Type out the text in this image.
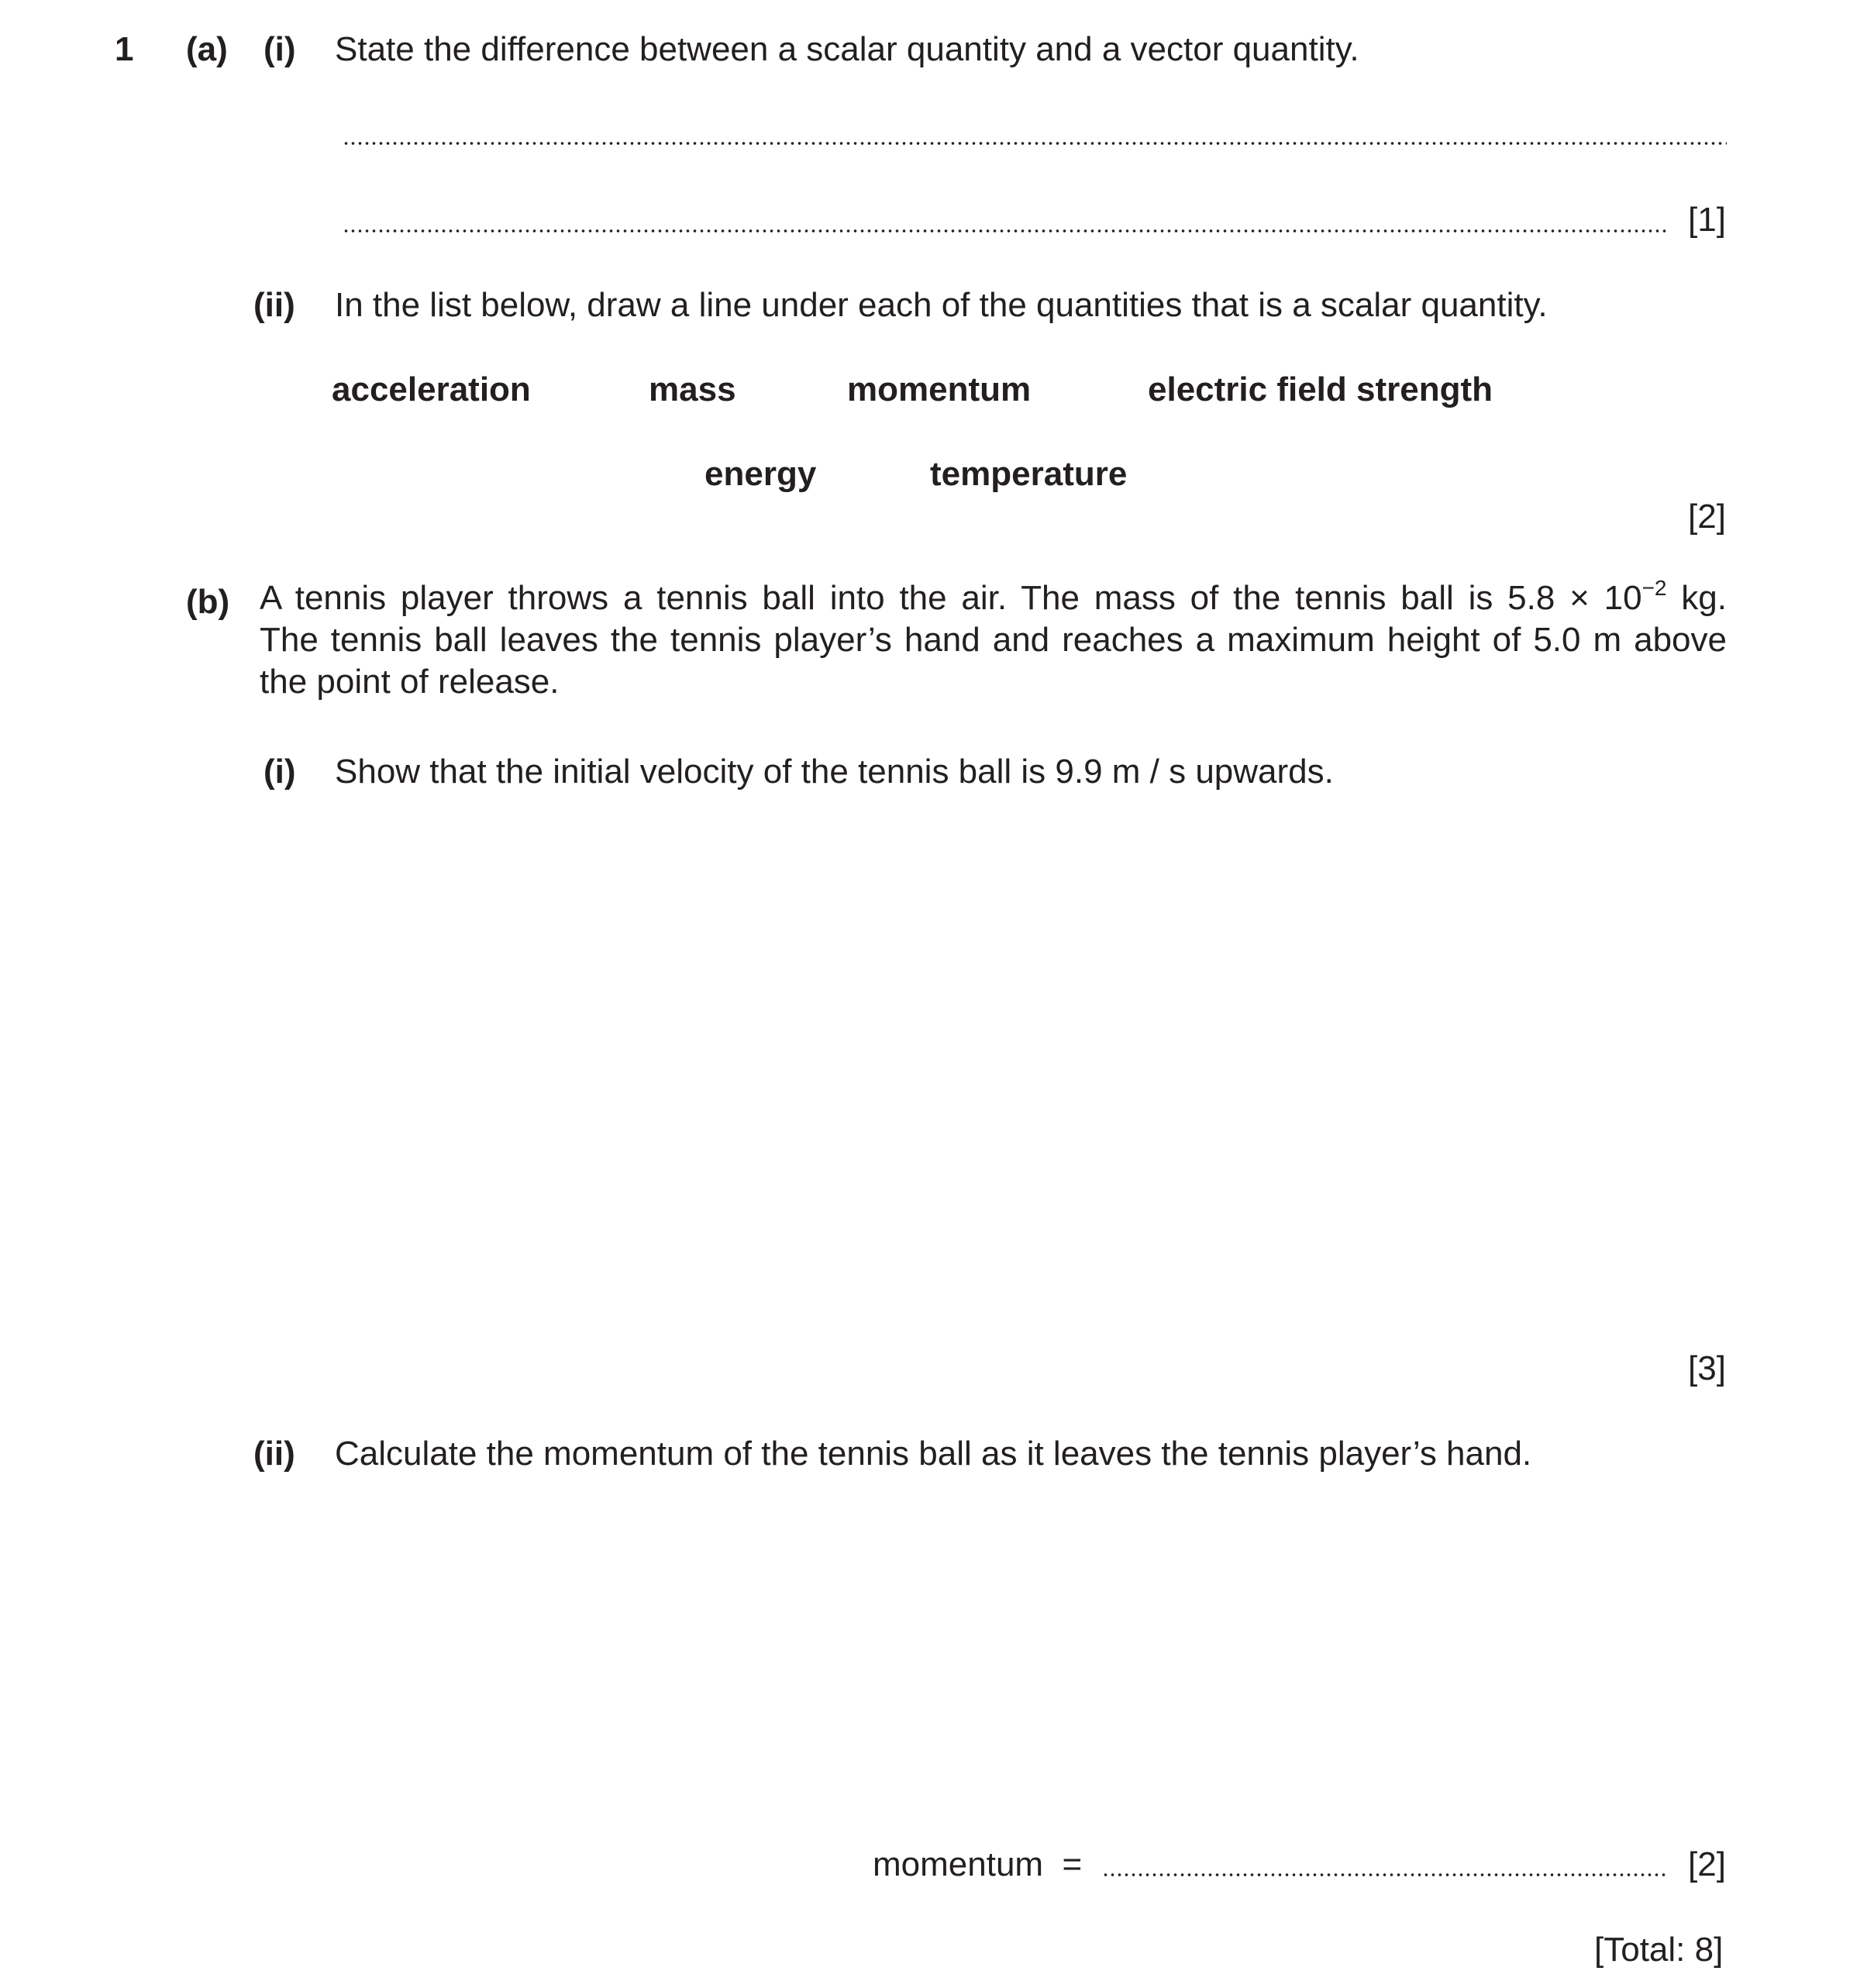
1 (a) (i) State the difference between a scalar quantity and a vector quantity.
[1]
(ii) In the list below, draw a line under each of the quantities that is a scalar quantity.
acceleration	mass	momentum	electric field strength
energy	temperature
[2]
(b) A tennis player throws a tennis ball into the air. The mass of the tennis ball is $5.8 \times 10^{-2}$ kg.
The tennis ball leaves the tennis player’s hand and reaches a maximum height of 5.0 m above the point of release.
(i) Show that the initial velocity of the tennis ball is 9.9 m / s upwards.
[3]
(ii) Calculate the momentum of the tennis ball as it leaves the tennis player’s hand.
momentum  =	[2]
[Total: 8]
